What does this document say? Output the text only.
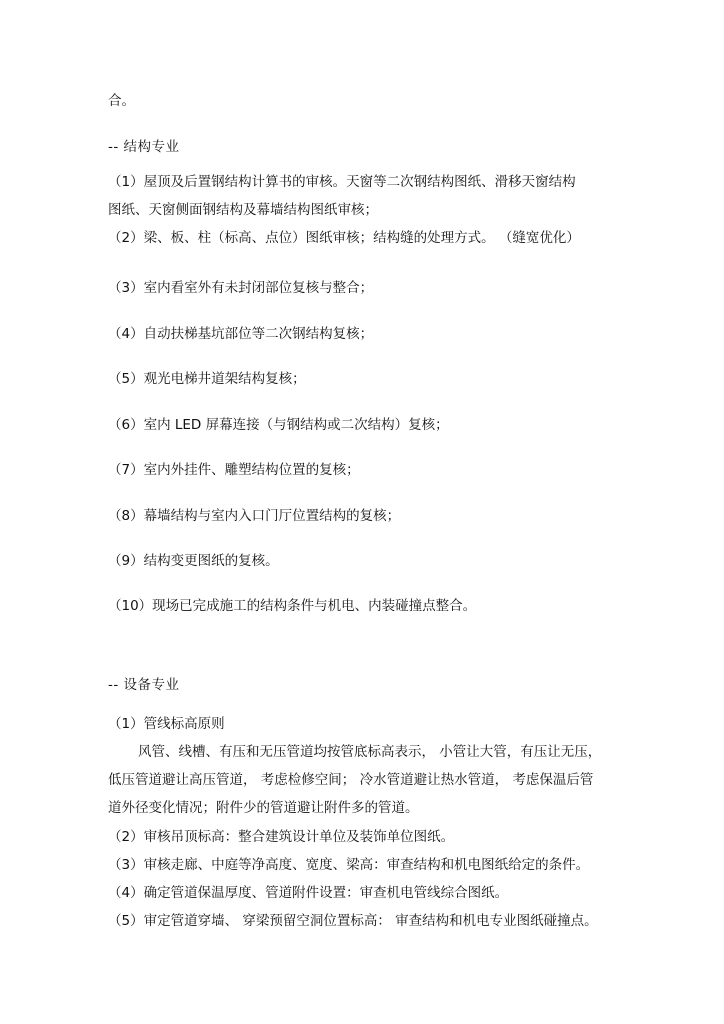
合。
-- 结构专业
（1）屋顶及后置钢结构计算书的审核。天窗等二次钢结构图纸、滑移天窗结构
图纸、天窗侧面钢结构及幕墙结构图纸审核；
（2）梁、板、柱（标高、点位）图纸审核；结构缝的处理方式。 （缝宽优化）
（3）室内看室外有未封闭部位复核与整合；
（4）自动扶梯基坑部位等二次钢结构复核；
（5）观光电梯井道架结构复核；
（6）室内 LED 屏幕连接（与钢结构或二次结构）复核；
（7）室内外挂件、雕塑结构位置的复核；
（8）幕墙结构与室内入口门厅位置结构的复核；
（9）结构变更图纸的复核。
（10）现场已完成施工的结构条件与机电、内装碰撞点整合。
-- 设备专业
（1）管线标高原则
风管、线槽、有压和无压管道均按管底标高表示， 小管让大管，有压让无压，
低压管道避让高压管道， 考虑检修空间； 冷水管道避让热水管道， 考虑保温后管
道外径变化情况；附件少的管道避让附件多的管道。
（2）审核吊顶标高：整合建筑设计单位及装饰单位图纸。
（3）审核走廊、中庭等净高度、宽度、梁高：审查结构和机电图纸给定的条件。
（4）确定管道保温厚度、管道附件设置：审查机电管线综合图纸。
（5）审定管道穿墙、 穿梁预留空洞位置标高： 审查结构和机电专业图纸碰撞点。
